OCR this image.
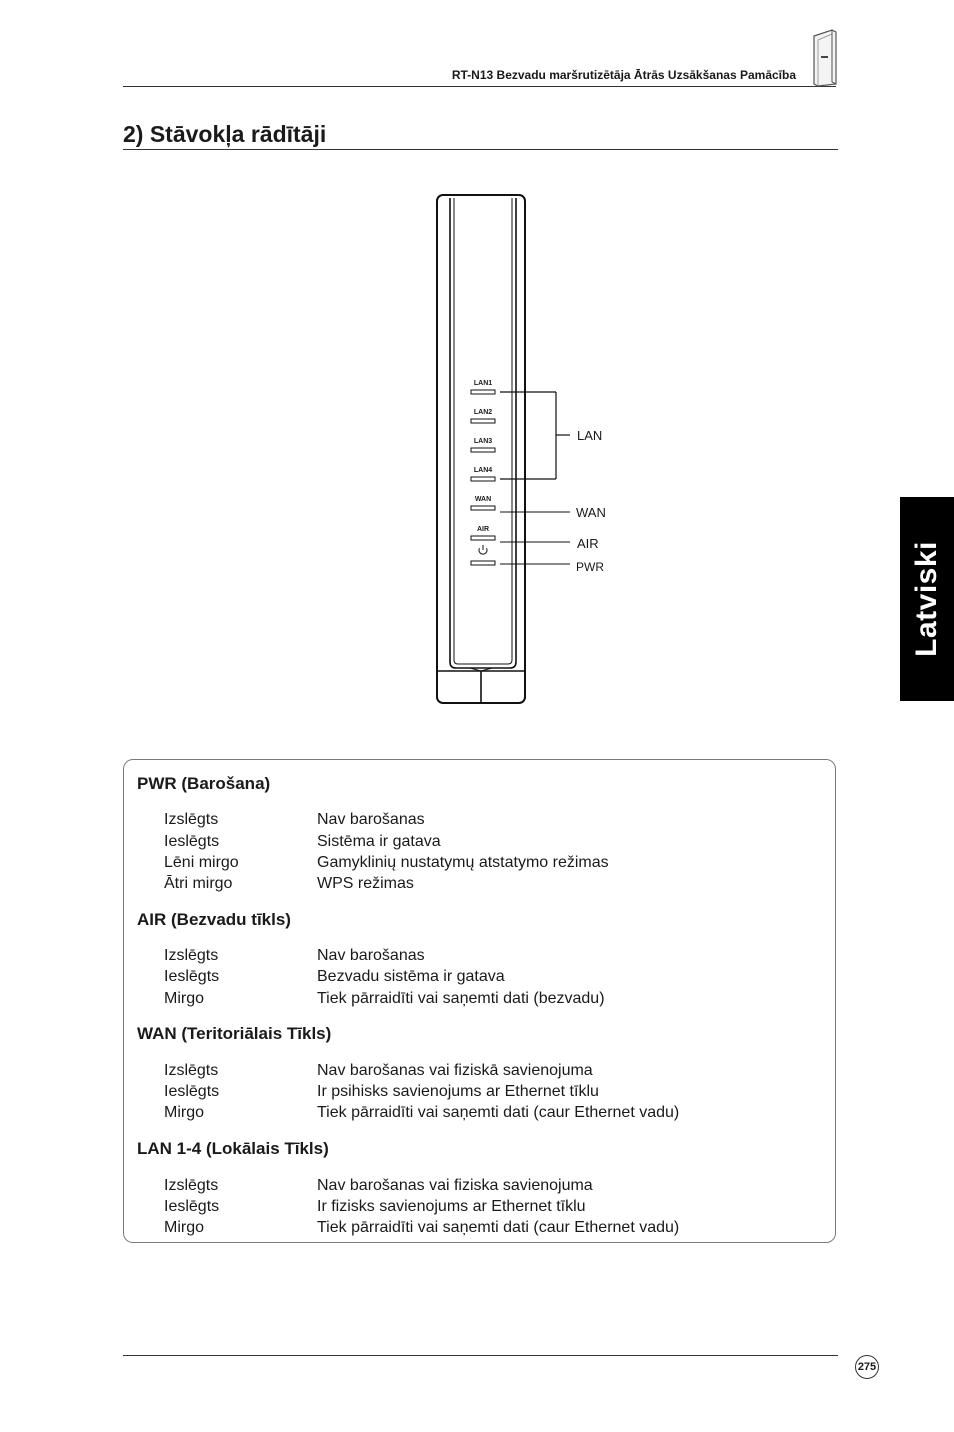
RT-N13 Bezvadu maršrutizētāja Ātrās Uzsākšanas Pamācība
2) Stāvokļa rādītāji
Latviski
LAN1
LAN2
LAN3
LAN4
WAN
AIR
LAN
WAN
AIR
PWR
PWR (Barošana)
Izslēgts	Nav barošanas
Ieslēgts	Sistēma ir gatava
Lēni mirgo	Gamyklinių nustatymų atstatymo režimas
Ātri mirgo	WPS režimas
AIR (Bezvadu tīkls)
Izslēgts	Nav barošanas
Ieslēgts	Bezvadu sistēma ir gatava
Mirgo	Tiek pārraidīti vai saņemti dati (bezvadu)
WAN (Teritoriālais Tīkls)
Izslēgts	Nav barošanas vai fiziskā savienojuma
Ieslēgts	Ir psihisks savienojums ar Ethernet tīklu
Mirgo	Tiek pārraidīti vai saņemti dati (caur Ethernet vadu)
LAN 1-4 (Lokālais Tīkls)
Izslēgts	Nav barošanas vai fiziska savienojuma
Ieslēgts	Ir fizisks savienojums ar Ethernet tīklu
Mirgo	Tiek pārraidīti vai saņemti dati (caur Ethernet vadu)
275
